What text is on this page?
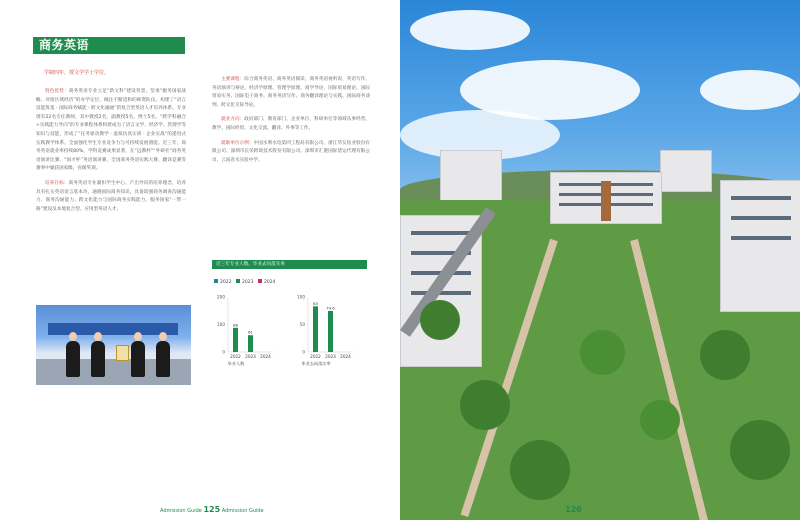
商务英语
学制四年，授文学学士学位。

特色优势：商务英语专业立足“新文科”建设背景，坚承“服务国家战略、对接区域经济”的办学定位，倾注不断适和的师资队伍，构建了“语言技能筑基 · 国际商务赋能 · 跨文化融通”的复合型英语人才培养体系。专业现有22名专任教师，其中教授2名，副教授5名，博士5名。“跨学科融合+实践能力导向”的专业课程体系构建成为了语言文学、经济学、管理学等知识与技能，形成了“任务驱动教学 · 虚拟仿真实训 · 企业实战”的递进式实践教学体系。全面强化学生专业竞争力与可持续发展潜能。近三年，商务英语就业率持续80%，学科竞赛成果显著，在“远教杯”“外研社”商务英语演讲比赛、“国才杯”英语演讲赛、全国商务英语实践大赛、翻译竞赛等赛事中屡获国家级、省级奖项。

培养目标：商务英语专业紧扣学生中心、产出导向的培养理念，培养具有扎实英语语言基本功，通晓国际商务知识，具备较强商务调查沟通能力、商务沟通能力、跨文化能力与国际商务实践能力，服务国家“一带一路”建设及本地复合型、应用型英语人才。

主要课程：综合商务英语、商务英语阅读、商务英语视听说、英语写作、英语演讲与辩论、经济学原理、管理学原理、商学导论、国际贸易理论、国际贸易实务、国际电子商务、商务英语写作、商务翻译理论与实践、国际商务谈判、跨文化交际导论。

就业方向：政府部门、教育部门、企业单位、科研单位等领域从事经营、教学、国际经贸、文化交流、翻译、外事等工作。

就职单位示例：中国水利水电第四工程局有限公司、浙江华友钴业股份有限公司、深圳市长荣跨境技术股份有限公司、深圳市汇港国际货运代理有限公司、云南省水实验中学。

近三年专业人数、毕业去向落实率
2022 2023 2024
0
100
200
88
2022
61
2023 2024
毕业人数
0
50
100
83
2022
74.6
2023 2024
毕业去向落实率
Admission Guide 125 Admission Guide	126
